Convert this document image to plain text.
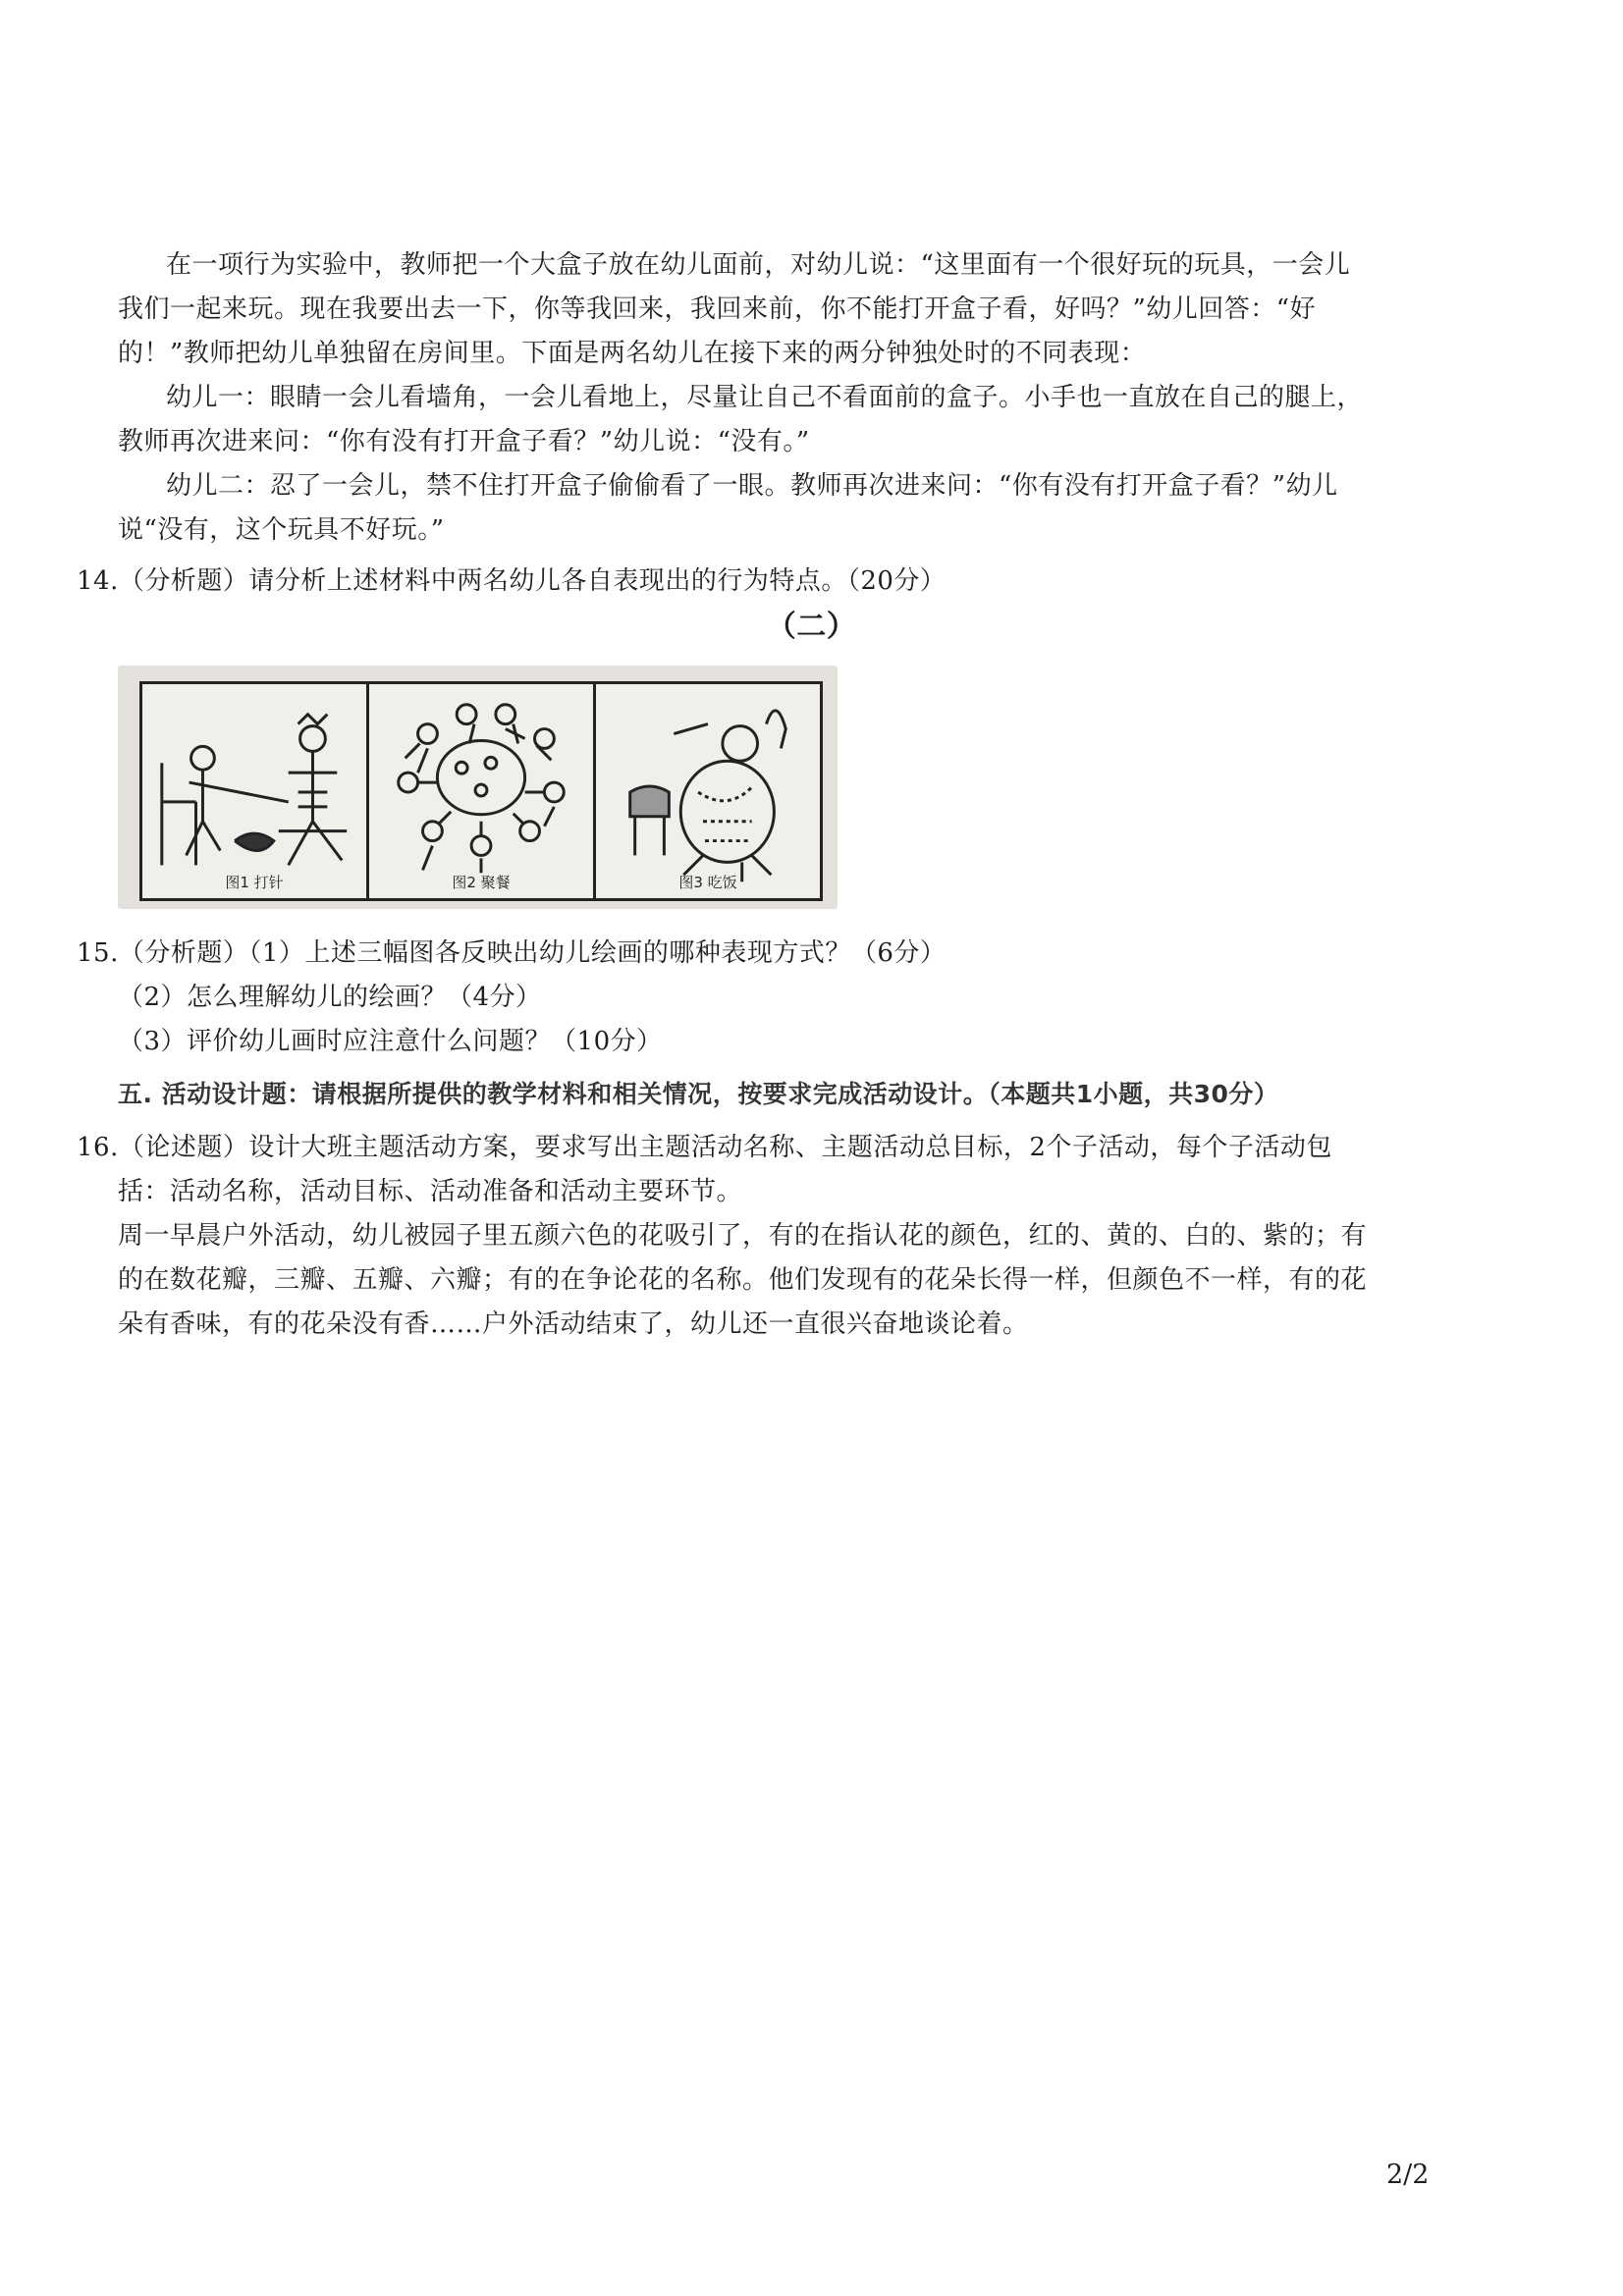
在一项行为实验中，教师把一个大盒子放在幼儿面前，对幼儿说：“这里面有一个很好玩的玩具，一会儿
我们一起来玩。现在我要出去一下，你等我回来，我回来前，你不能打开盒子看，好吗？”幼儿回答：“好
的！”教师把幼儿单独留在房间里。下面是两名幼儿在接下来的两分钟独处时的不同表现：
幼儿一：眼睛一会儿看墙角，一会儿看地上，尽量让自己不看面前的盒子。小手也一直放在自己的腿上，
教师再次进来问：“你有没有打开盒子看？”幼儿说：“没有。”
幼儿二：忍了一会儿，禁不住打开盒子偷偷看了一眼。教师再次进来问：“你有没有打开盒子看？”幼儿
说“没有，这个玩具不好玩。”
14.（分析题）请分析上述材料中两名幼儿各自表现出的行为特点。（20分）
（二）
图1 打针	图2 聚餐	图3 吃饭
15.（分析题）（1）上述三幅图各反映出幼儿绘画的哪种表现方式？（6分）
（2）怎么理解幼儿的绘画？（4分）
（3）评价幼儿画时应注意什么问题？（10分）
五. 活动设计题：请根据所提供的教学材料和相关情况，按要求完成活动设计。（本题共1小题，共30分）
16.（论述题）设计大班主题活动方案，要求写出主题活动名称、主题活动总目标，2个子活动，每个子活动包
括：活动名称，活动目标、活动准备和活动主要环节。
周一早晨户外活动，幼儿被园子里五颜六色的花吸引了，有的在指认花的颜色，红的、黄的、白的、紫的；有
的在数花瓣，三瓣、五瓣、六瓣；有的在争论花的名称。他们发现有的花朵长得一样，但颜色不一样，有的花
朵有香味，有的花朵没有香……户外活动结束了，幼儿还一直很兴奋地谈论着。
2/2
